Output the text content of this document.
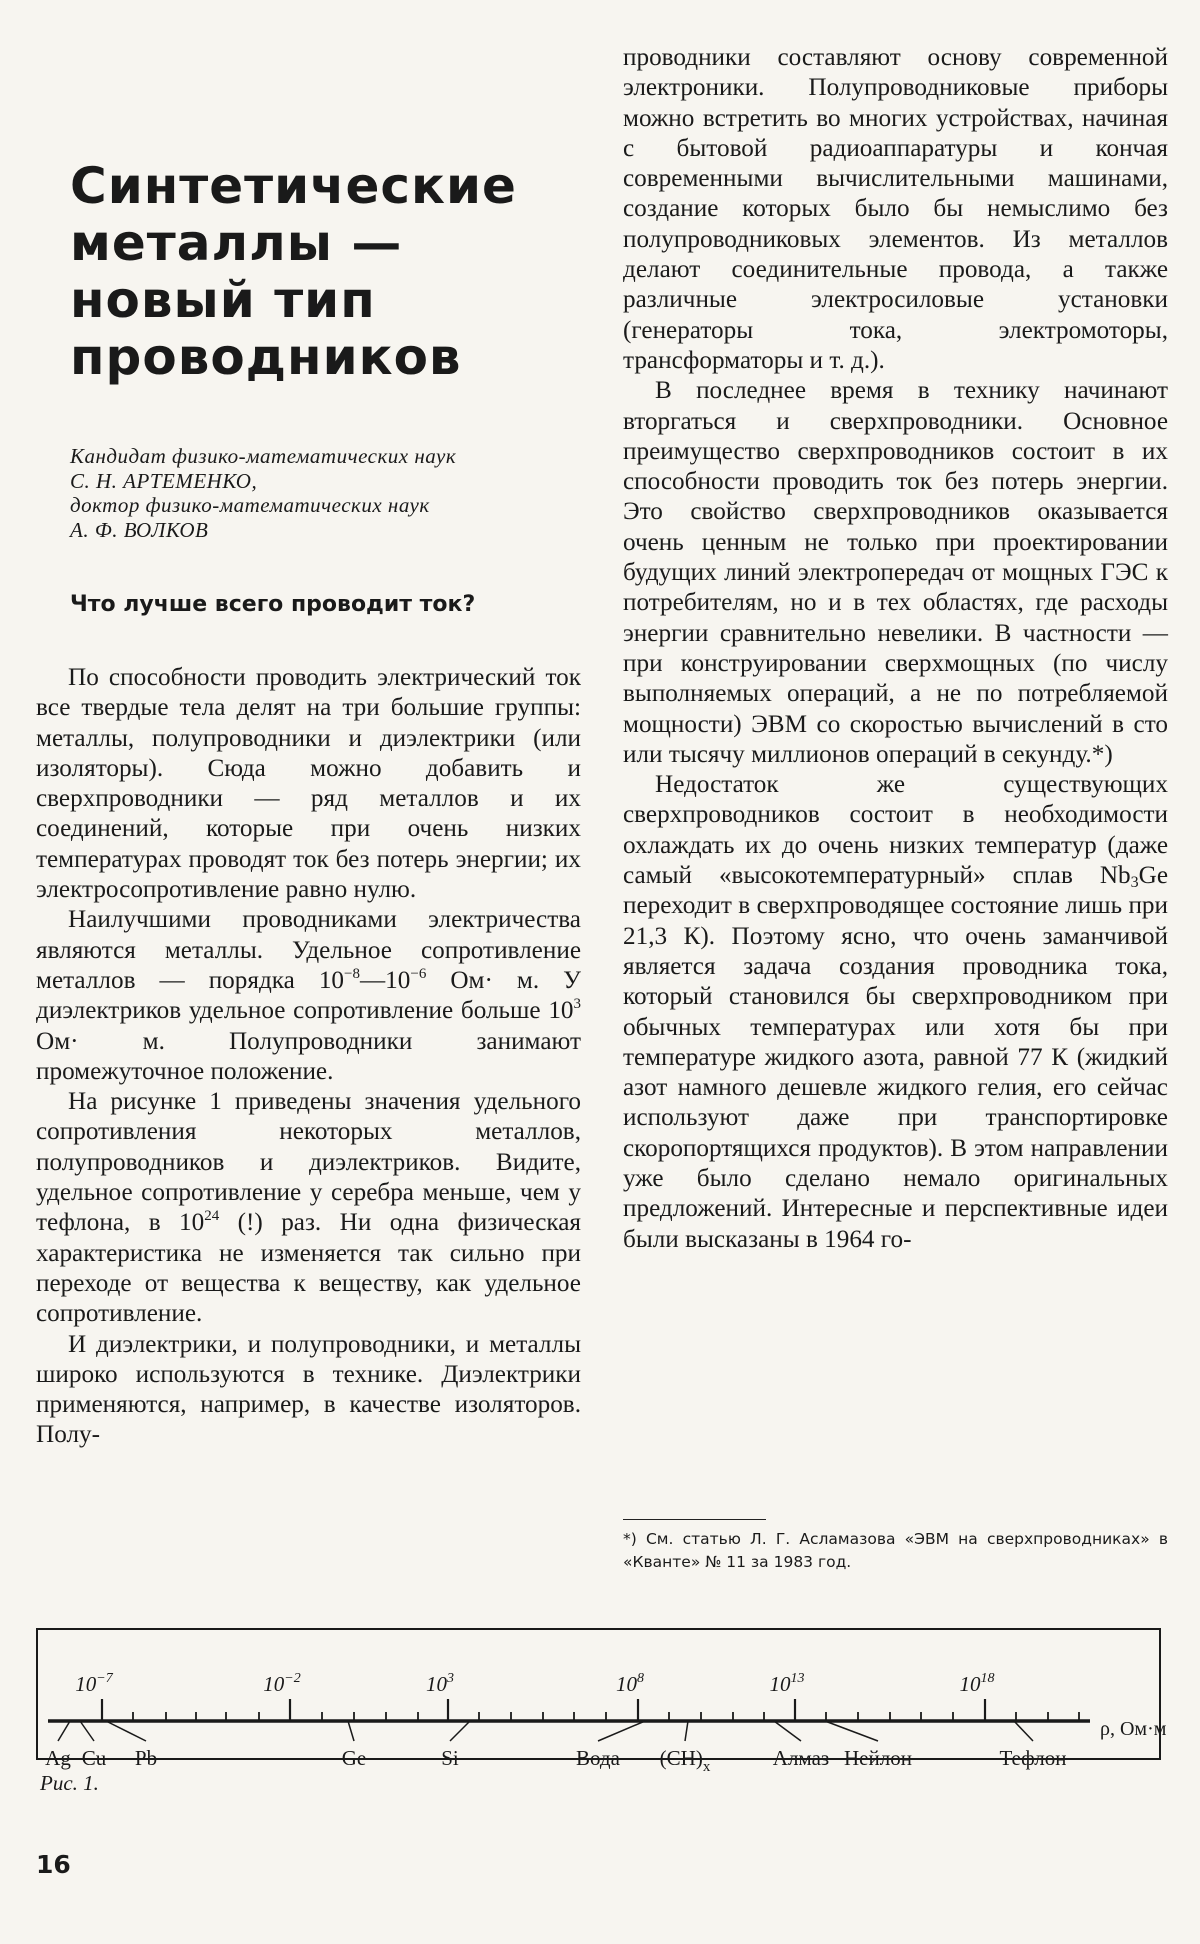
Синтетические
металлы —
новый тип
проводников
Кандидат физико-математических наук
С. Н. АРТЕМЕНКО,
доктор физико-математических наук
А. Ф. ВОЛКОВ
Что лучше всего проводит ток?

По способности проводить электрический ток все твердые тела делят на три большие группы: металлы, полупроводники и диэлектрики (или изоляторы). Сюда можно добавить и сверхпроводники — ряд металлов и их соединений, которые при очень низких температурах проводят ток без потерь энергии; их электросопротивление равно нулю.

Наилучшими проводниками электричества являются металлы. Удельное сопротивление металлов — порядка $10^{-8}—10^{-6}$ Ом· м. У диэлектриков удельное сопротивление больше $10^3$ Ом· м. Полупроводники занимают промежуточное положение.

На рисунке 1 приведены значения удельного сопротивления некоторых металлов, полупроводников и диэлектриков. Видите, удельное сопротивление у серебра меньше, чем у тефлона, в $10^{24}$ (!) раз. Ни одна физическая характеристика не изменяется так сильно при переходе от вещества к веществу, как удельное сопротивление.

И диэлектрики, и полупроводники, и металлы широко используются в технике. Диэлектрики применяются, например, в качестве изоляторов. Полу-

проводники составляют основу современной электроники. Полупроводниковые приборы можно встретить во многих устройствах, начиная с бытовой радиоаппаратуры и кончая современными вычислительными машинами, создание которых было бы немыслимо без полупроводниковых элементов. Из металлов делают соединительные провода, а также различные электросиловые установки (генераторы тока, электромоторы, трансформаторы и т. д.).

В последнее время в технику начинают вторгаться и сверхпроводники. Основное преимущество сверхпроводников состоит в их способности проводить ток без потерь энергии. Это свойство сверхпроводников оказывается очень ценным не только при проектировании будущих линий электропередач от мощных ГЭС к потребителям, но и в тех областях, где расходы энергии сравнительно невелики. В частности — при конструировании сверхмощных (по числу выполняемых операций, а не по потребляемой мощности) ЭВМ со скоростью вычислений в сто или тысячу миллионов операций в секунду.*)

Недостаток же существующих сверхпроводников состоит в необходимости охлаждать их до очень низких температур (даже самый «высокотемпературный» сплав $Nb_3Ge$ переходит в сверхпроводящее состояние лишь при 21,3 К). Поэтому ясно, что очень заманчивой является задача создания проводника тока, который становился бы сверхпроводником при обычных температурах или хотя бы при температуре жидкого азота, равной 77 К (жидкий азот намного дешевле жидкого гелия, его сейчас используют даже при транспортировке скоропортящихся продуктов). В этом направлении уже было сделано немало оригинальных предложений. Интересные и перспективные идеи были высказаны в 1964 го-

*) См. статью Л. Г. Асламазова «ЭВМ на сверхпроводниках» в «Кванте» № 11 за 1983 год.

$10^{-7}$	$10^{-2}$	$10^3$	$10^8$	$10^{13}$	$10^{18}$
ρ, Ом·м
Ag Cu Pb	Ge	Si	Вода $(CH)_x$	Алмаз Нейлон	Тефлон

Рис. 1.

16
